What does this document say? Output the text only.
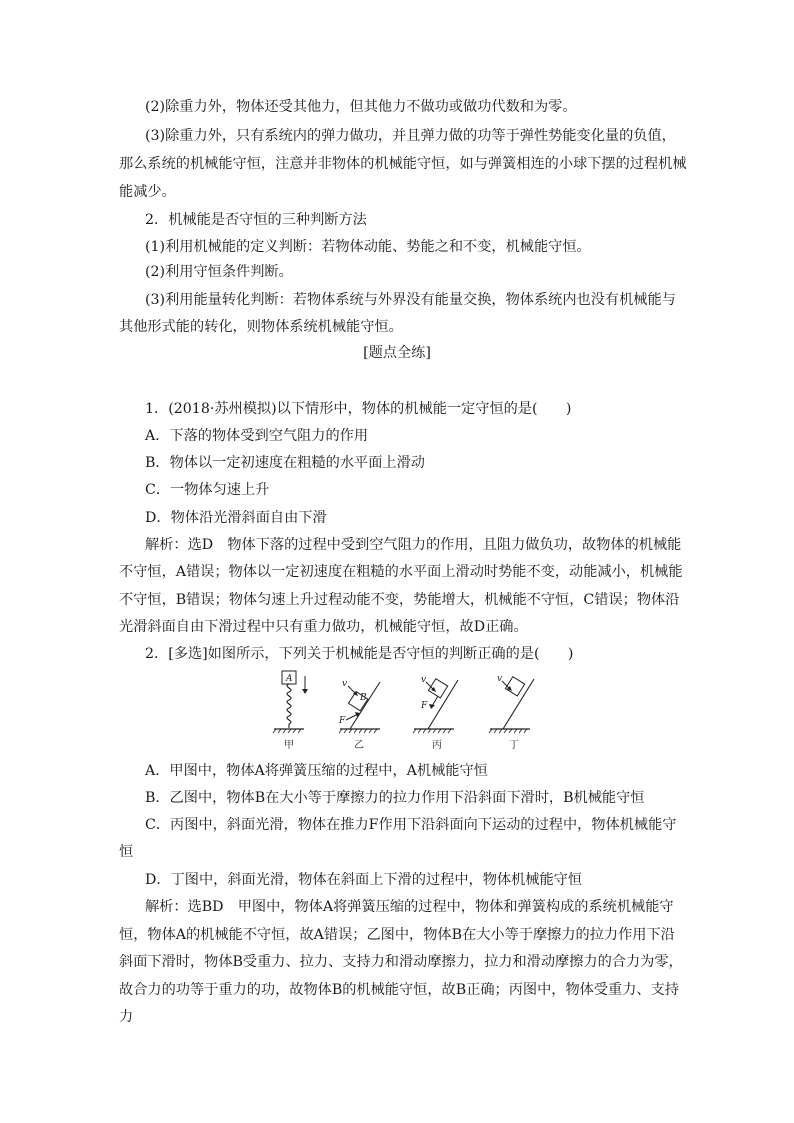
(2)除重力外，物体还受其他力，但其他力不做功或做功代数和为零。
(3)除重力外，只有系统内的弹力做功，并且弹力做的功等于弹性势能变化量的负值，
那么系统的机械能守恒，注意并非物体的机械能守恒，如与弹簧相连的小球下摆的过程机械
能减少。
2．机械能是否守恒的三种判断方法
(1)利用机械能的定义判断：若物体动能、势能之和不变，机械能守恒。
(2)利用守恒条件判断。
(3)利用能量转化判断：若物体系统与外界没有能量交换，物体系统内也没有机械能与
其他形式能的转化，则物体系统机械能守恒。
[题点全练]
1．(2018·苏州模拟)以下情形中，物体的机械能一定守恒的是(　　)
A．下落的物体受到空气阻力的作用
B．物体以一定初速度在粗糙的水平面上滑动
C．一物体匀速上升
D．物体沿光滑斜面自由下滑
解析：选D　物体下落的过程中受到空气阻力的作用，且阻力做负功，故物体的机械能
不守恒，A错误；物体以一定初速度在粗糙的水平面上滑动时势能不变，动能减小，机械能
不守恒，B错误；物体匀速上升过程动能不变，势能增大，机械能不守恒，C错误；物体沿
光滑斜面自由下滑过程中只有重力做功，机械能守恒，故D正确。
2．[多选]如图所示，下列关于机械能是否守恒的判断正确的是(　　)
A
甲
B
v
F
乙
v
F
丙
v
丁
A．甲图中，物体A将弹簧压缩的过程中，A机械能守恒
B．乙图中，物体B在大小等于摩擦力的拉力作用下沿斜面下滑时，B机械能守恒
C．丙图中，斜面光滑，物体在推力F作用下沿斜面向下运动的过程中，物体机械能守
恒
D．丁图中，斜面光滑，物体在斜面上下滑的过程中，物体机械能守恒
解析：选BD　甲图中，物体A将弹簧压缩的过程中，物体和弹簧构成的系统机械能守
恒，物体A的机械能不守恒，故A错误；乙图中，物体B在大小等于摩擦力的拉力作用下沿
斜面下滑时，物体B受重力、拉力、支持力和滑动摩擦力，拉力和滑动摩擦力的合力为零，
故合力的功等于重力的功，故物体B的机械能守恒，故B正确；丙图中，物体受重力、支持
力
